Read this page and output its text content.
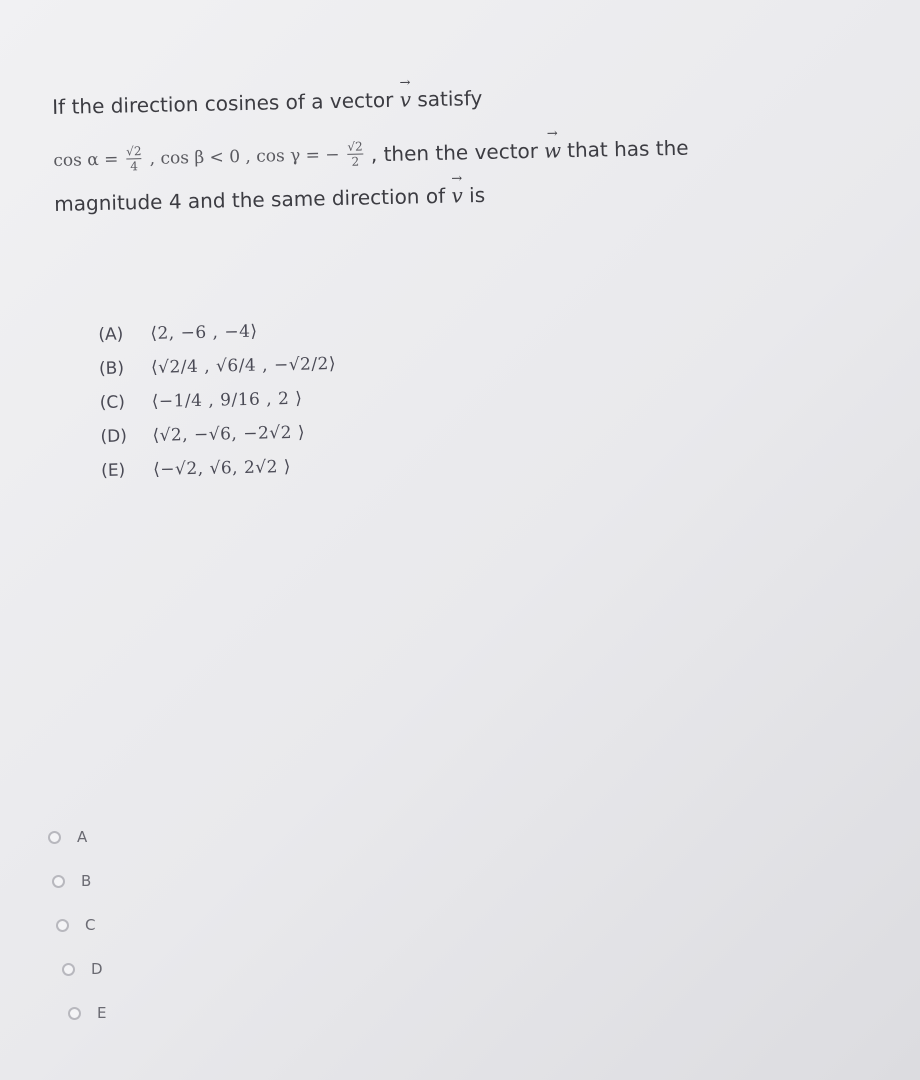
If the direction cosines of a vector → v satisfy
$\cos \alpha = \frac{√2}{4}$ , cos β < 0 , cos γ = − $\frac{√2}{2}$ , then the vector → w that has the
magnitude 4 and the same direction of → v is
(A)	⟨2, −6 , −4⟩
(B)	⟨√2/4 , √6/4 , −√2/2⟩
(C)	⟨−1/4 , 9/16 , 2 ⟩
(D)	⟨√2, −√6, −2√2 ⟩
(E)	⟨−√2, √6, 2√2 ⟩
A
B
C
D
E
